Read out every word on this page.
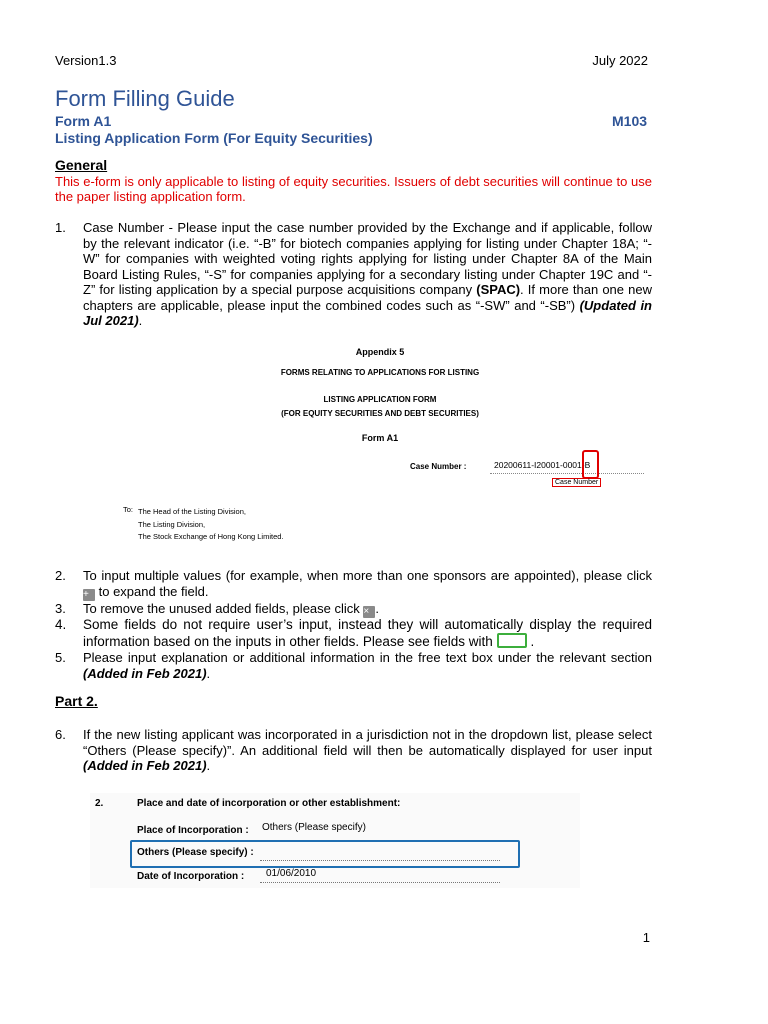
Version1.3	July 2022
Form Filling Guide
Form A1	M103
Listing Application Form (For Equity Securities)
General
This e-form is only applicable to listing of equity securities. Issuers of debt securities will continue to use the paper listing application form.
1. Case Number - Please input the case number provided by the Exchange and if applicable, follow by the relevant indicator (i.e. “-B” for biotech companies applying for listing under Chapter 18A; “-W” for companies with weighted voting rights applying for listing under Chapter 8A of the Main Board Listing Rules, “-S” for companies applying for a secondary listing under Chapter 19C and “-Z” for listing application by a special purpose acquisitions company (SPAC). If more than one new chapters are applicable, please input the combined codes such as “-SW” and “-SB”) (Updated in Jul 2021).
Appendix 5
FORMS RELATING TO APPLICATIONS FOR LISTING
LISTING APPLICATION FORM
(FOR EQUITY SECURITIES AND DEBT SECURITIES)
Form A1
Case Number :	20200611-I20001-0001-B
Case Number
To: The Head of the Listing Division,
The Listing Division,
The Stock Exchange of Hong Kong Limited.
2. To input multiple values (for example, when more than one sponsors are appointed), please click + to expand the field.
3. To remove the unused added fields, please click × .
4. Some fields do not require user’s input, instead they will automatically display the required information based on the inputs in other fields. Please see fields with	.
5. Please input explanation or additional information in the free text box under the relevant section (Added in Feb 2021).
Part 2.
6. If the new listing applicant was incorporated in a jurisdiction not in the dropdown list, please select “Others (Please specify)”. An additional field will then be automatically displayed for user input (Added in Feb 2021).
2.	Place and date of incorporation or other establishment:
Place of Incorporation : Others (Please specify)
Others (Please specify) :
Date of Incorporation : 01/06/2010
1
